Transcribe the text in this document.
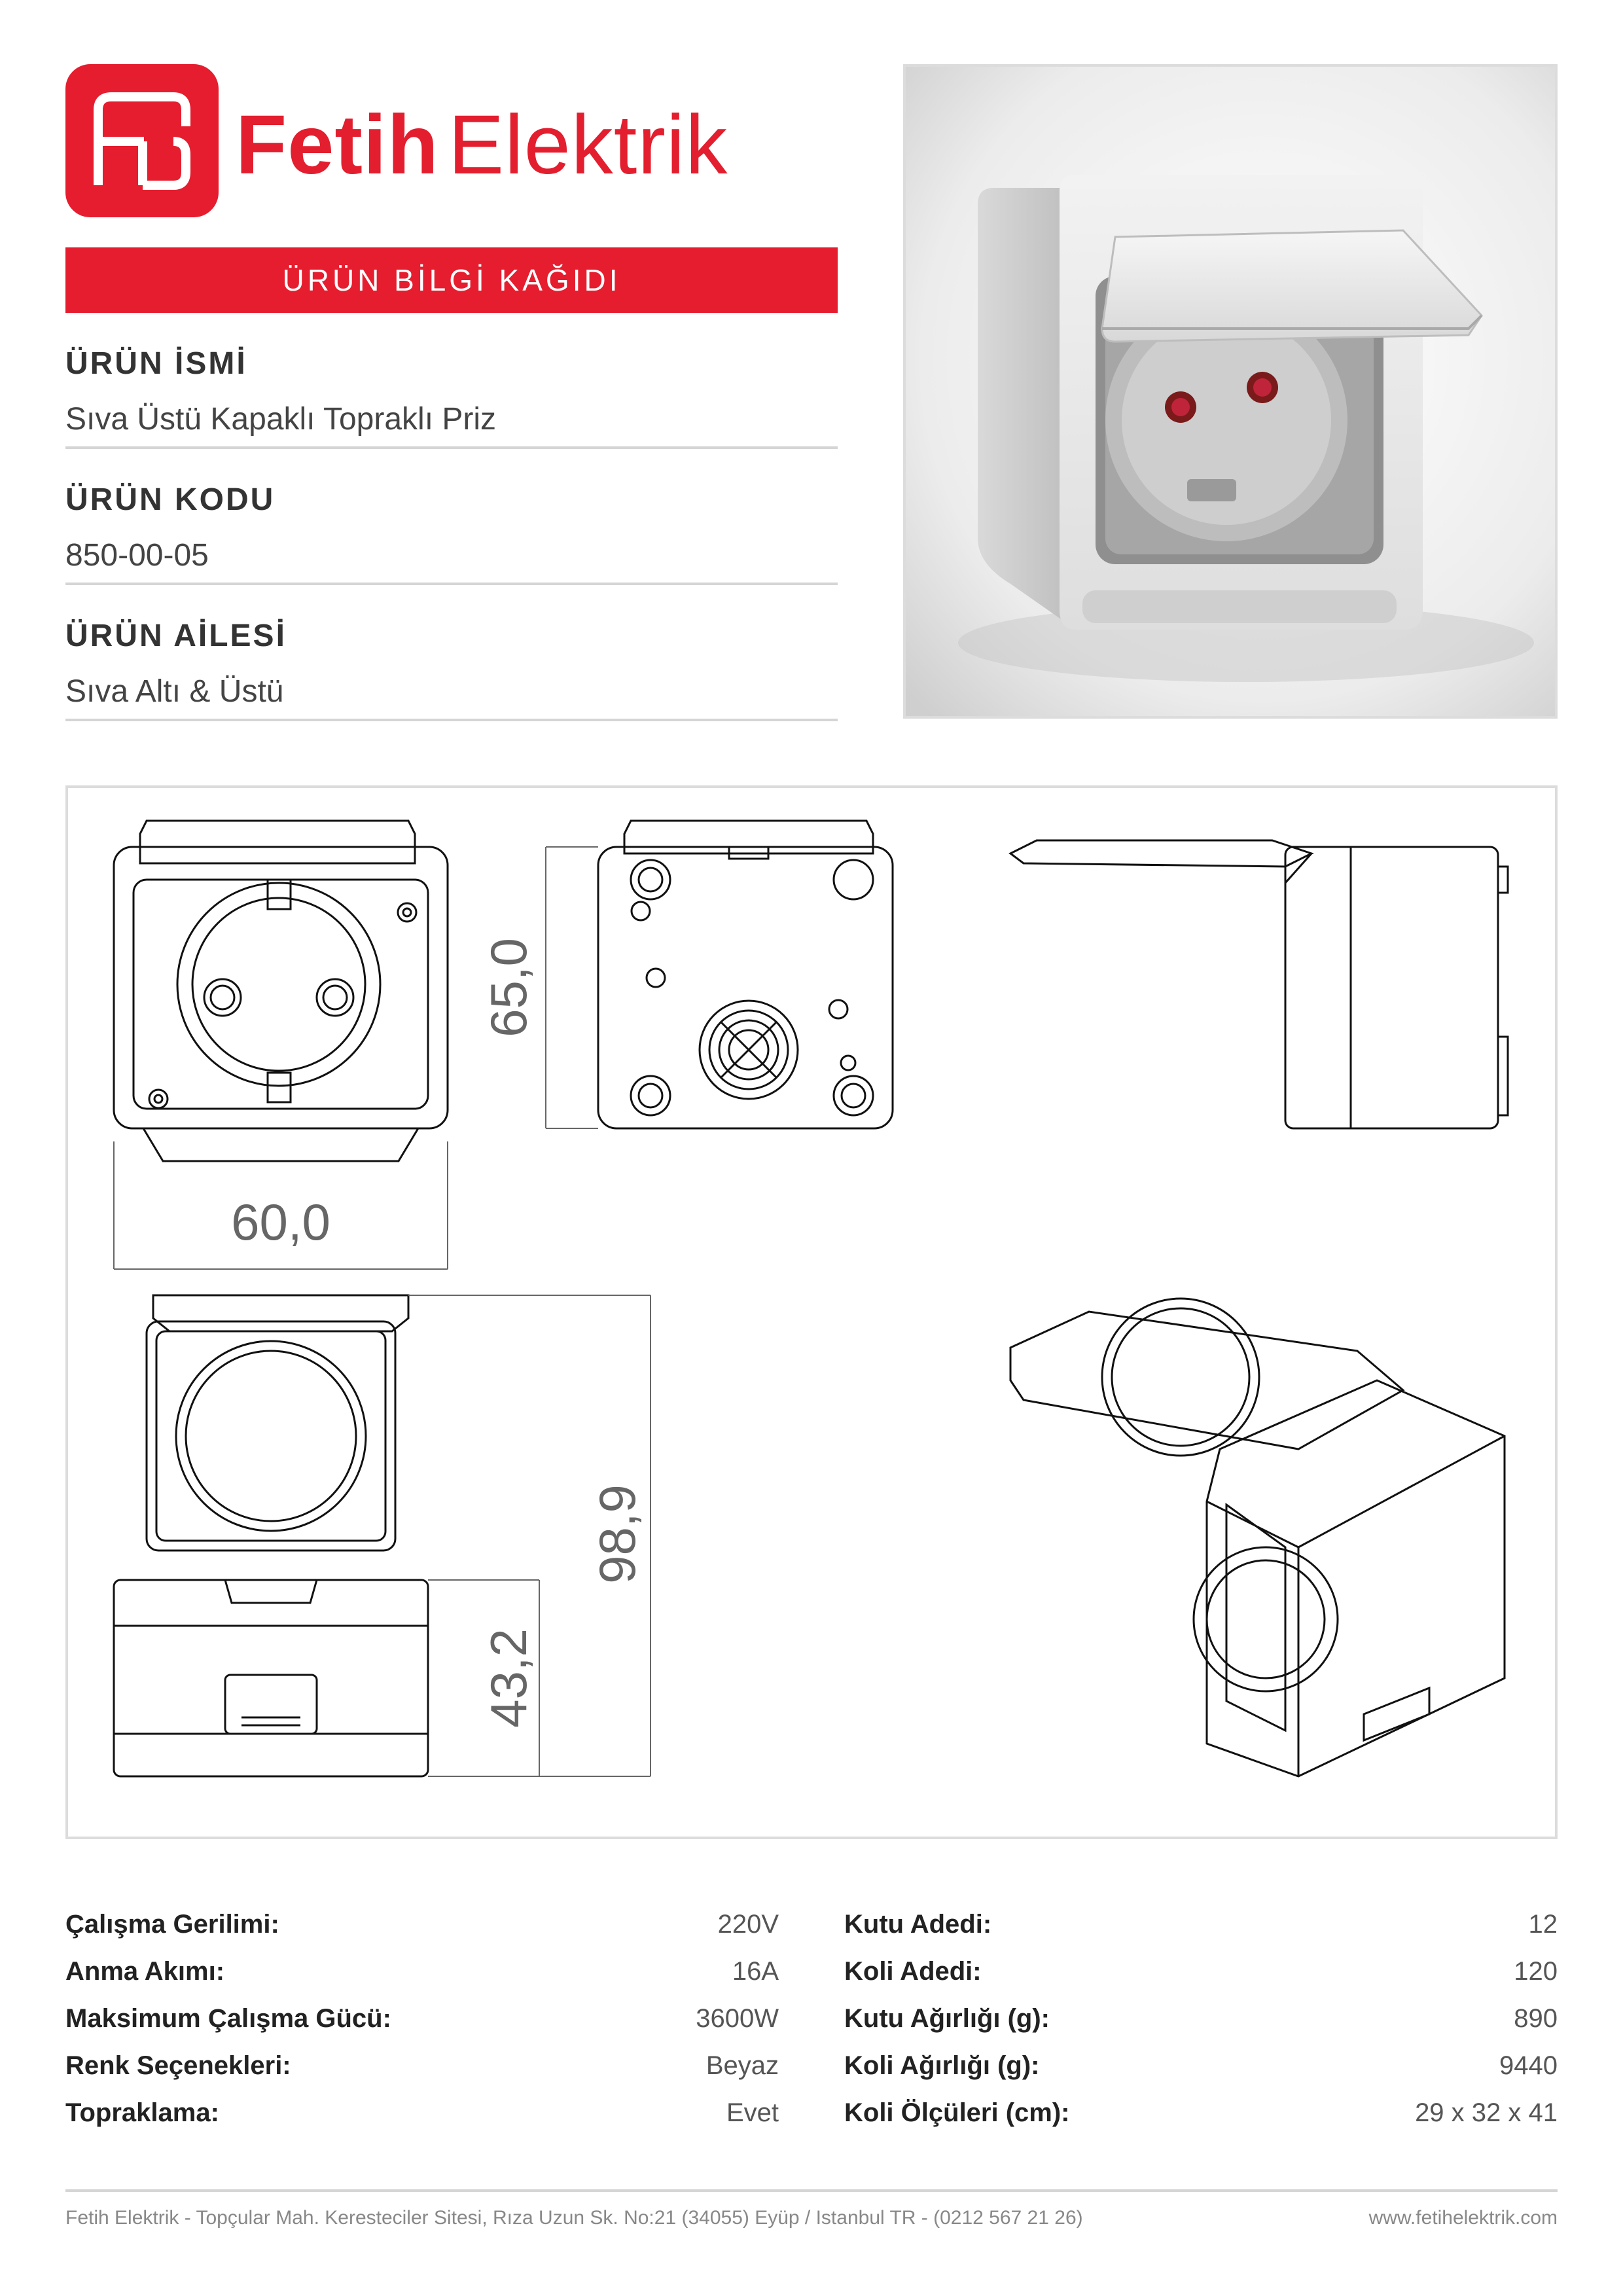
Fetih Elektrik
ÜRÜN BİLGİ KAĞIDI
ÜRÜN İSMİ
Sıva Üstü Kapaklı Topraklı Priz
ÜRÜN KODU
850-00-05
ÜRÜN AİLESİ
Sıva Altı & Üstü
60,0
65,0
98,9
43,2
Çalışma Gerilimi:	220V
Anma Akımı:	16A
Maksimum Çalışma Gücü:	3600W
Renk Seçenekleri:	Beyaz
Topraklama:	Evet
Kutu Adedi:	12
Koli Adedi:	120
Kutu Ağırlığı (g):	890
Koli Ağırlığı (g):	9440
Koli Ölçüleri (cm):	29 x 32 x 41
Fetih Elektrik - Topçular Mah. Keresteciler Sitesi, Rıza Uzun Sk. No:21 (34055) Eyüp / Istanbul TR - (0212 567 21 26)	www.fetihelektrik.com
